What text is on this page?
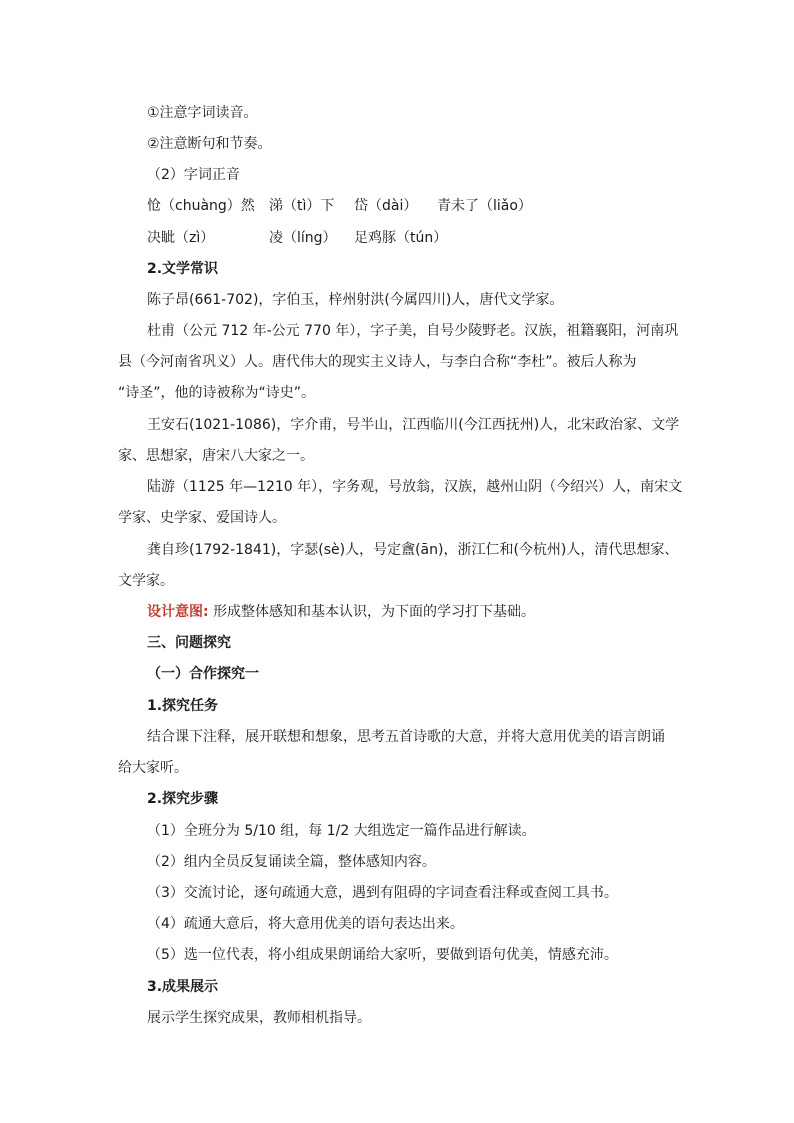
①注意字词读音。
②注意断句和节奏。
（2）字词正音
怆（chuàng）然 涕（tì）下 岱（dài） 青未了（liǎo）
决眦（zì）	凌（líng） 足鸡豚（tún）
2.文学常识
陈子昂(661-702)，字伯玉，梓州射洪(今属四川)人，唐代文学家。
杜甫（公元 712 年-公元 770 年），字子美，自号少陵野老。汉族，祖籍襄阳，河南巩
县（今河南省巩义）人。唐代伟大的现实主义诗人，与李白合称“李杜”。被后人称为
“诗圣”，他的诗被称为“诗史”。
王安石(1021-1086)，字介甫，号半山，江西临川(今江西抚州)人，北宋政治家、文学
家、思想家，唐宋八大家之一。
陆游（1125 年—1210 年），字务观，号放翁，汉族，越州山阴（今绍兴）人，南宋文
学家、史学家、爱国诗人。
龚自珍(1792-1841)，字瑟(sè)人，号定盦(ān)，浙江仁和(今杭州)人，清代思想家、
文学家。
设计意图: 形成整体感知和基本认识，为下面的学习打下基础。
三、问题探究
（一）合作探究一
1.探究任务
结合课下注释，展开联想和想象，思考五首诗歌的大意，并将大意用优美的语言朗诵
给大家听。
2.探究步骤
（1）全班分为 5/10 组，每 1/2 大组选定一篇作品进行解读。
（2）组内全员反复诵读全篇，整体感知内容。
（3）交流讨论，逐句疏通大意，遇到有阻碍的字词查看注释或查阅工具书。
（4）疏通大意后，将大意用优美的语句表达出来。
（5）选一位代表，将小组成果朗诵给大家听，要做到语句优美，情感充沛。
3.成果展示
展示学生探究成果，教师相机指导。
